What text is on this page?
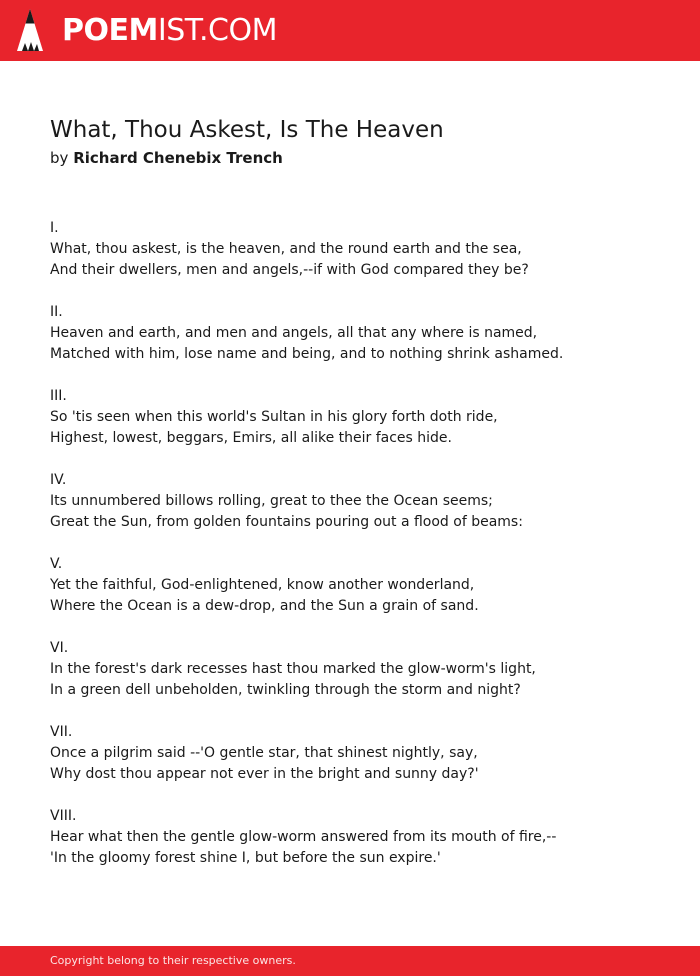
POEMIST.COM
What, Thou Askest, Is The Heaven
by Richard Chenebix Trench
I.
What, thou askest, is the heaven, and the round earth and the sea,
And their dwellers, men and angels,--if with God compared they be?
II.
Heaven and earth, and men and angels, all that any where is named,
Matched with him, lose name and being, and to nothing shrink ashamed.
III.
So 'tis seen when this world's Sultan in his glory forth doth ride,
Highest, lowest, beggars, Emirs, all alike their faces hide.
IV.
Its unnumbered billows rolling, great to thee the Ocean seems;
Great the Sun, from golden fountains pouring out a flood of beams:
V.
Yet the faithful, God-enlightened, know another wonderland,
Where the Ocean is a dew-drop, and the Sun a grain of sand.
VI.
In the forest's dark recesses hast thou marked the glow-worm's light,
In a green dell unbeholden, twinkling through the storm and night?
VII.
Once a pilgrim said --'O gentle star, that shinest nightly, say,
Why dost thou appear not ever in the bright and sunny day?'
VIII.
Hear what then the gentle glow-worm answered from its mouth of fire,--
'In the gloomy forest shine I, but before the sun expire.'
Copyright belong to their respective owners.
